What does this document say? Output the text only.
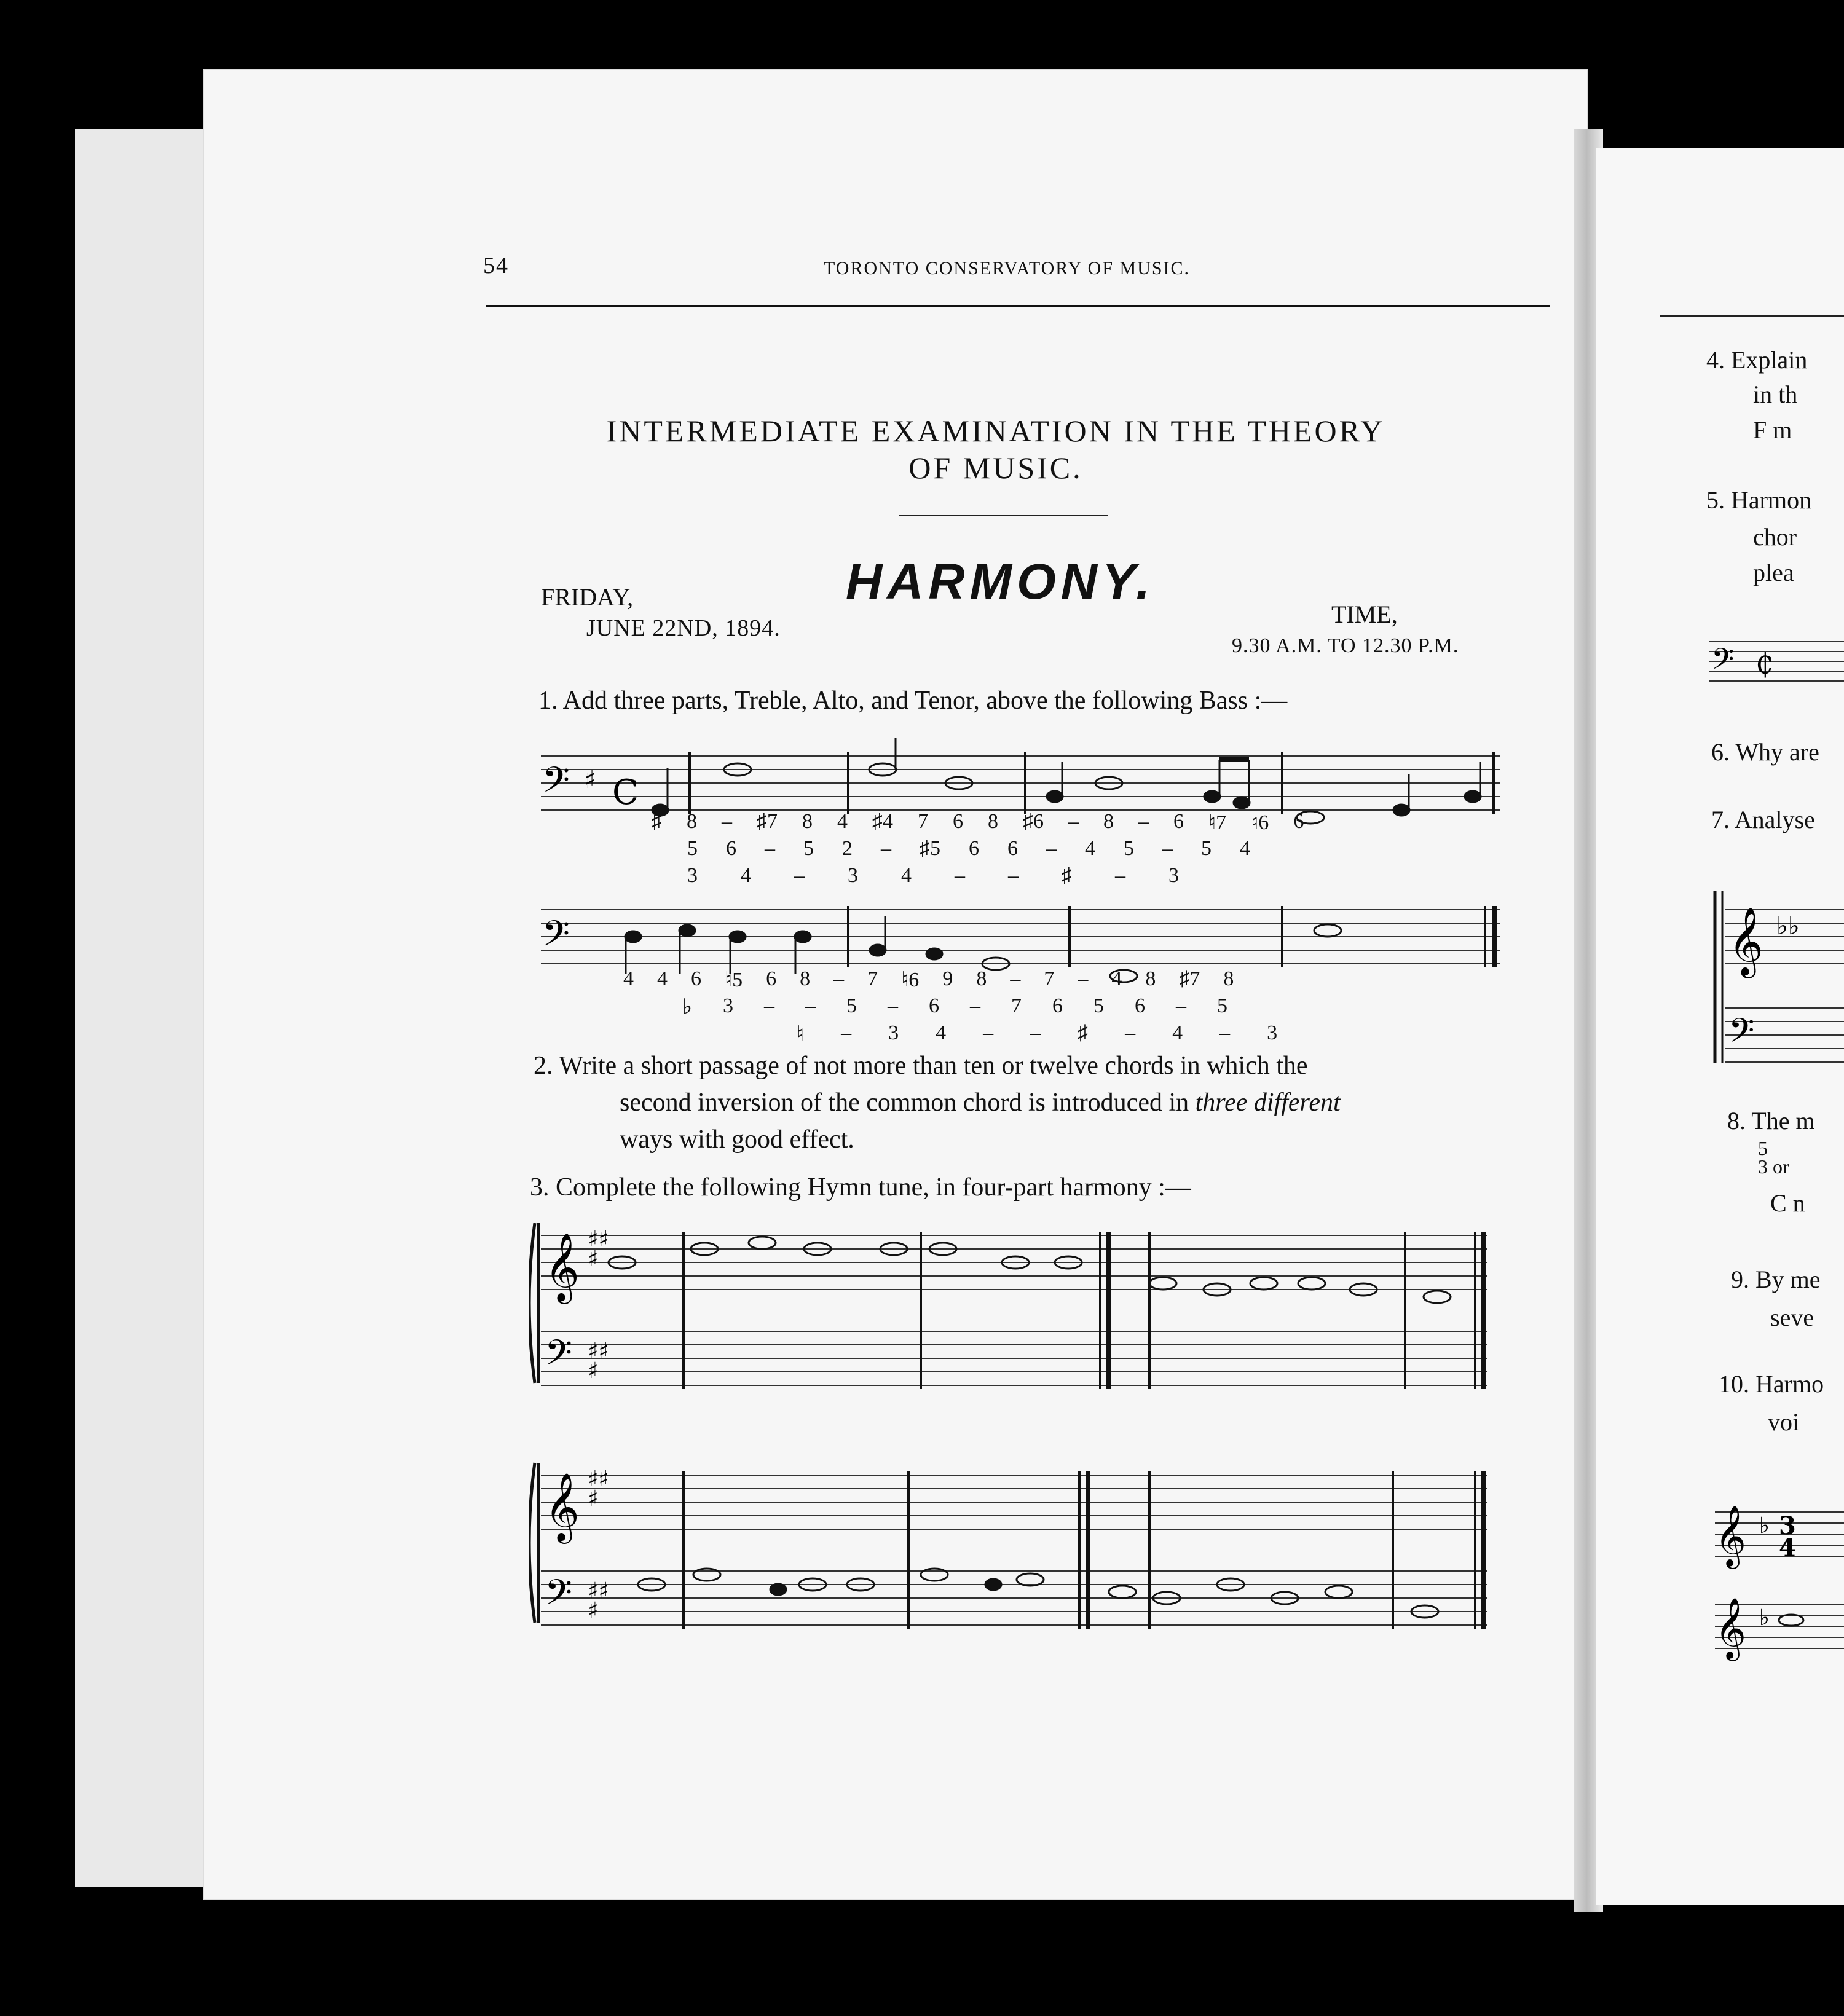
54	TORONTO CONSERVATORY OF MUSIC.
INTERMEDIATE EXAMINATION IN THE THEORY
OF MUSIC.
HARMONY.
FRIDAY,
JUNE 22ND, 1894.	TIME,
9.30 A.M. TO 12.30 P.M.
1. Add three parts, Treble, Alto, and Tenor, above the following Bass :—
𝄢 ♯ C
♯ 8 – ♯7 8 4 ♯4 7 6 8 ♯6 – 8 – 6 ♮7 ♮6 6
5 6 – 5 2 – ♯5 6 6 – 4 5 – 5 4
3 4 – 3 4 – – ♯ – 3
𝄢
4 4 6 ♮5 6 8 – 7 ♮6 9 8 – 7 – 4 8 ♯7 8
♭ 3 – – 5 – 6 – 7 6 5 6 – 5
♮ – 3 4 – – ♯ – 4 – 3
2. Write a short passage of not more than ten or twelve chords in which the
second inversion of the common chord is introduced in three different
ways with good effect.
3. Complete the following Hymn tune, in four-part harmony :—
𝄞
𝄢
♯♯
♯
♯♯
♯
𝄞
𝄢
♯♯
♯
♯♯
♯
4. Explain
in th
F m
5. Harmon
chor
plea
𝄢 ₵
6. Why are
7. Analyse
𝄞 ♭♭
𝄢
8. The m
5
3 or
C n
9. By me
seve
10. Harmo
voi
𝄞
𝄞
♭
♭
3
4
